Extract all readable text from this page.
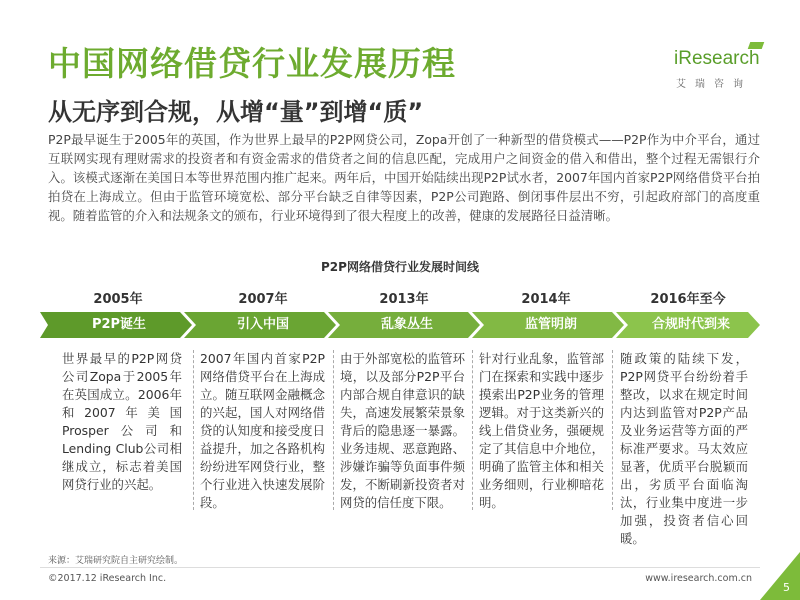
中国网络借贷行业发展历程
从无序到合规，从增“量”到增“质”
iResearch
艾瑞咨询
P2P最早诞生于2005年的英国，作为世界上最早的P2P网贷公司，Zopa开创了一种新型的借贷模式——P2P作为中介平台，通过互联网实现有理财需求的投资者和有资金需求的借贷者之间的信息匹配，完成用户之间资金的借入和借出，整个过程无需银行介入。该模式逐渐在美国日本等世界范围内推广起来。两年后，中国开始陆续出现P2P试水者，2007年国内首家P2P网络借贷平台拍拍贷在上海成立。但由于监管环境宽松、部分平台缺乏自律等因素，P2P公司跑路、倒闭事件层出不穷，引起政府部门的高度重视。随着监管的介入和法规条文的颁布，行业环境得到了很大程度上的改善，健康的发展路径日益清晰。
P2P网络借贷行业发展时间线
2005年	2007年	2013年	2014年	2016年至今
P2P诞生	引入中国	乱象丛生	监管明朗	合规时代到来
世界最早的P2P网贷公司Zopa于2005年在英国成立。2006年和2007年美国Prosper公司和Lending Club公司相继成立，标志着美国网贷行业的兴起。
2007年国内首家P2P网络借贷平台在上海成立。随互联网金融概念的兴起，国人对网络借贷的认知度和接受度日益提升，加之各路机构纷纷进军网贷行业，整个行业进入快速发展阶段。
由于外部宽松的监管环境，以及部分P2P平台内部合规自律意识的缺失，高速发展繁荣景象背后的隐患逐一暴露。业务违规、恶意跑路、涉嫌诈骗等负面事件频发，不断刷新投资者对网贷的信任度下限。
针对行业乱象，监管部门在探索和实践中逐步摸索出P2P业务的管理逻辑。对于这类新兴的线上借贷业务，强硬规定了其信息中介地位，明确了监管主体和相关业务细则，行业柳暗花明。
随政策的陆续下发，P2P网贷平台纷纷着手整改，以求在规定时间内达到监管对P2P产品及业务运营等方面的严标准严要求。马太效应显著，优质平台脱颖而出，劣质平台面临淘汰，行业集中度进一步加强，投资者信心回暖。
来源：艾瑞研究院自主研究绘制。
©2017.12 iResearch Inc.	www.iresearch.com.cn
5
